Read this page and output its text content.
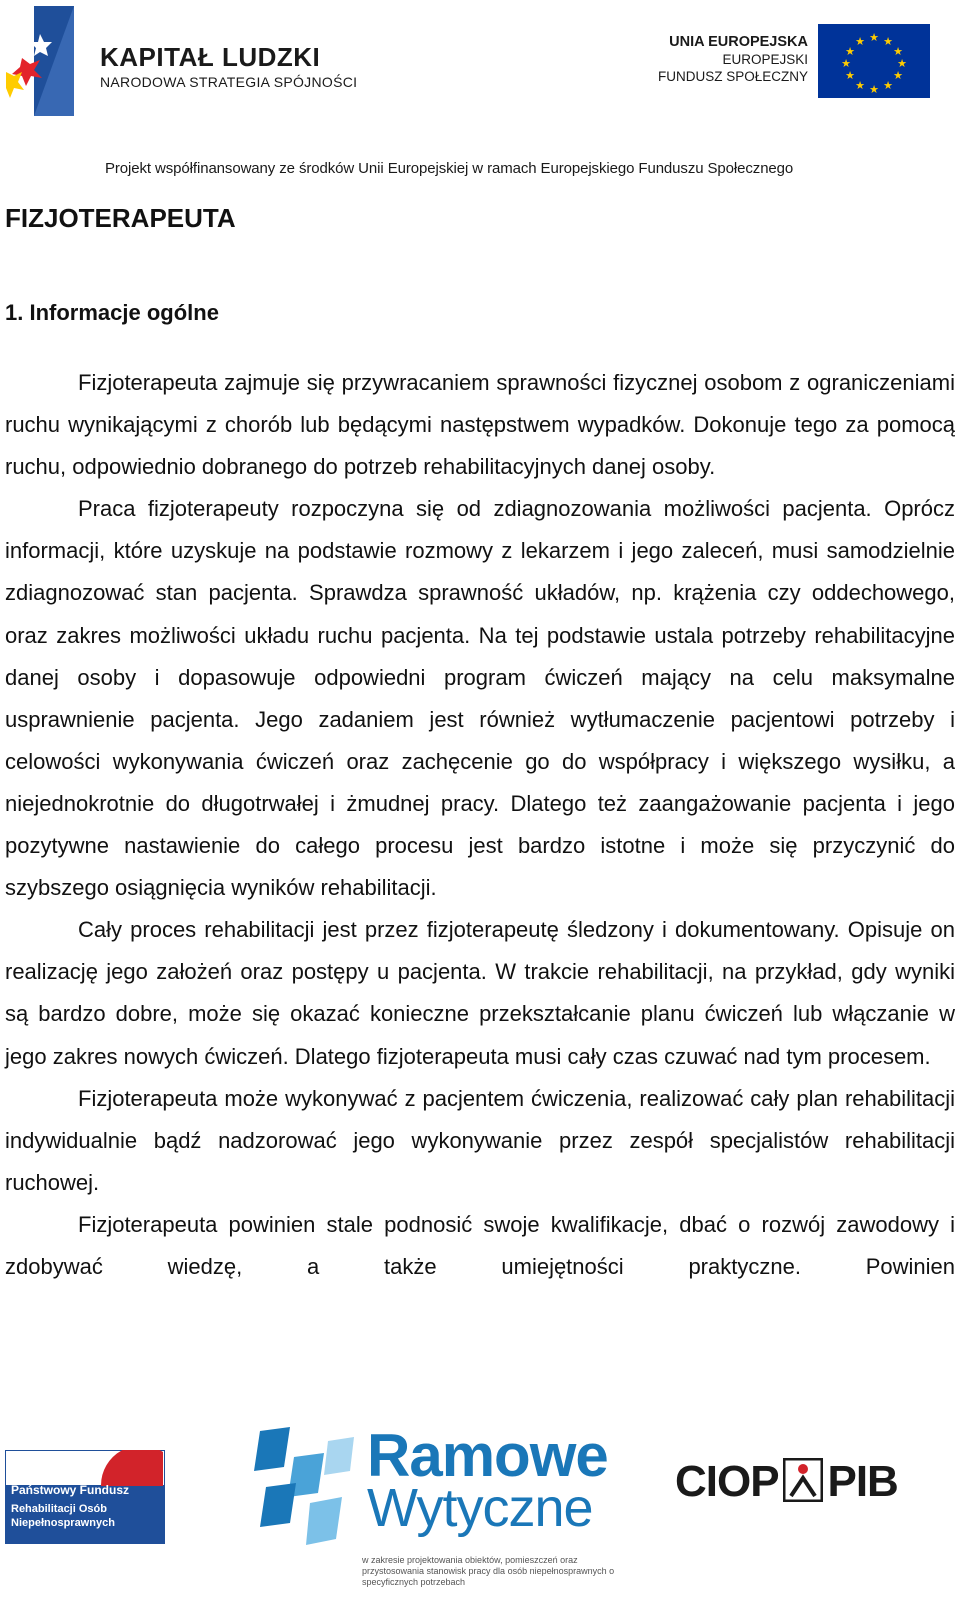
KAPITAŁ LUDZKI
NARODOWA STRATEGIA SPÓJNOŚCI
UNIA EUROPEJSKA
EUROPEJSKI
FUNDUSZ SPOŁECZNY
★ ★
★
★
★
★
★
★
★
★
★
★
Projekt współfinansowany ze środków Unii Europejskiej w ramach Europejskiego Funduszu Społecznego
FIZJOTERAPEUTA
1. Informacje ogólne

Fizjoterapeuta zajmuje się przywracaniem sprawności fizycznej osobom z ograniczeniami ruchu wynikającymi z chorób lub będącymi następstwem wypadków. Dokonuje tego za pomocą ruchu, odpowiednio dobranego do potrzeb rehabilitacyjnych danej osoby.

Praca fizjoterapeuty rozpoczyna się od zdiagnozowania możliwości pacjenta. Oprócz informacji, które uzyskuje na podstawie rozmowy z lekarzem i jego zaleceń, musi samodzielnie zdiagnozować stan pacjenta. Sprawdza sprawność układów, np. krążenia czy oddechowego, oraz zakres możliwości układu ruchu pacjenta. Na tej podstawie ustala potrzeby rehabilitacyjne danej osoby i dopasowuje odpowiedni program ćwiczeń mający na celu maksymalne usprawnienie pacjenta. Jego zadaniem jest również wytłumaczenie pacjentowi potrzeby i celowości wykonywania ćwiczeń oraz zachęcenie go do współpracy i większego wysiłku, a niejednokrotnie do długotrwałej i żmudnej pracy. Dlatego też zaangażowanie pacjenta i jego pozytywne nastawienie do całego procesu jest bardzo istotne i może się przyczynić do szybszego osiągnięcia wyników rehabilitacji.

Cały proces rehabilitacji jest przez fizjoterapeutę śledzony i dokumentowany. Opisuje on realizację jego założeń oraz postępy u pacjenta. W trakcie rehabilitacji, na przykład, gdy wyniki są bardzo dobre, może się okazać konieczne przekształcanie planu ćwiczeń lub włączanie w jego zakres nowych ćwiczeń. Dlatego fizjoterapeuta musi cały czas czuwać nad tym procesem.

Fizjoterapeuta może wykonywać z pacjentem ćwiczenia, realizować cały plan rehabilitacji indywidualnie bądź nadzorować jego wykonywanie przez zespół specjalistów rehabilitacji ruchowej.

Fizjoterapeuta powinien stale podnosić swoje kwalifikacje, dbać o rozwój zawodowy i zdobywać wiedzę, a także umiejętności praktyczne. Powinien

Państwowy Fundusz
Rehabilitacji Osób
Niepełnosprawnych
Ramowe
Wytyczne
w zakresie projektowania obiektów, pomieszczeń oraz przystosowania stanowisk pracy dla osób niepełnosprawnych o specyficznych potrzebach
CIOP PIB
